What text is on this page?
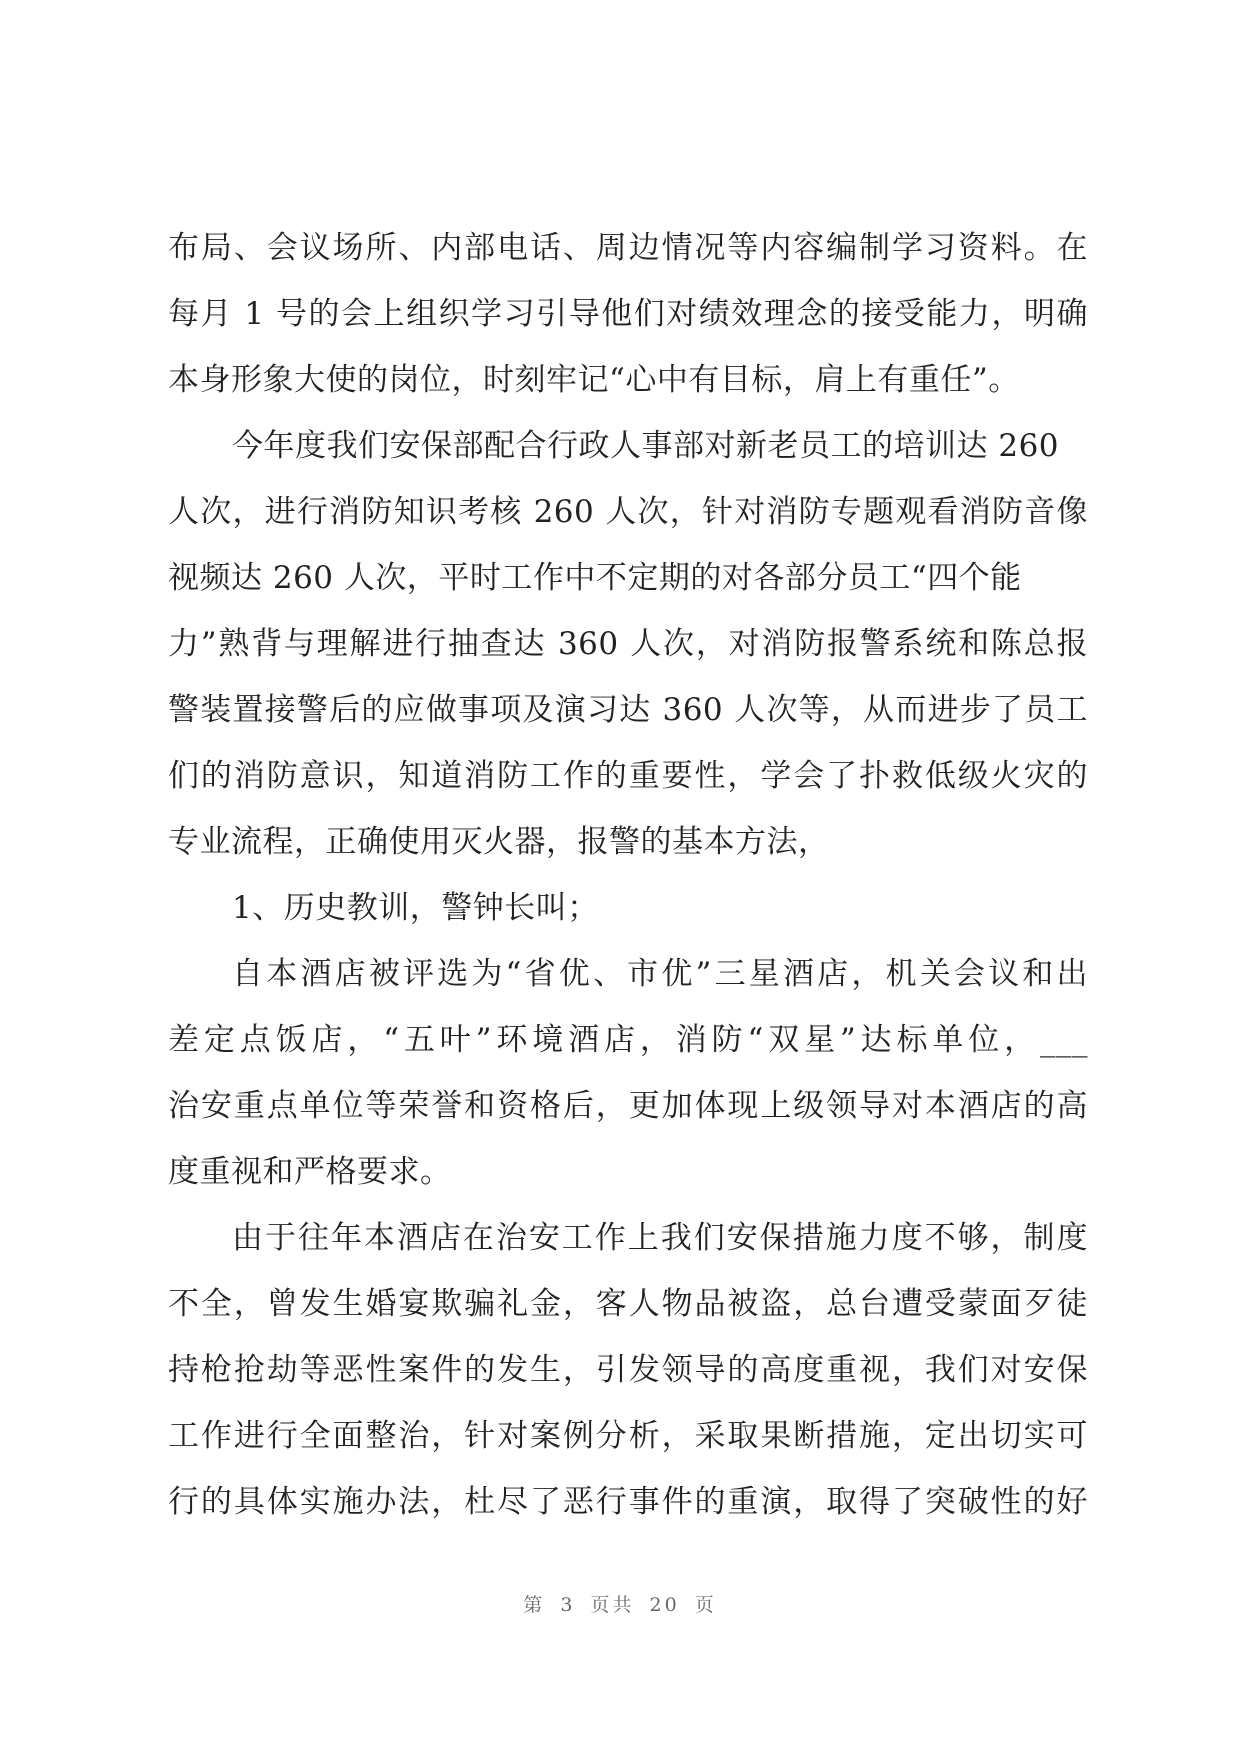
布局、会议场所、内部电话、周边情况等内容编制学习资料。在
每月 1 号的会上组织学习引导他们对绩效理念的接受能力，明确
本身形象大使的岗位，时刻牢记“心中有目标，肩上有重任”。
今年度我们安保部配合行政人事部对新老员工的培训达 260
人次，进行消防知识考核 260 人次，针对消防专题观看消防音像
视频达 260 人次，平时工作中不定期的对各部分员工“四个能
力”熟背与理解进行抽查达 360 人次，对消防报警系统和陈总报
警装置接警后的应做事项及演习达 360 人次等，从而进步了员工
们的消防意识，知道消防工作的重要性，学会了扑救低级火灾的
专业流程，正确使用灭火器，报警的基本方法，
1、历史教训，警钟长叫；
自本酒店被评选为“省优、市优”三星酒店，机关会议和出
差定点饭店，“五叶”环境酒店，消防“双星”达标单位，___
治安重点单位等荣誉和资格后，更加体现上级领导对本酒店的高
度重视和严格要求。
由于往年本酒店在治安工作上我们安保措施力度不够，制度
不全，曾发生婚宴欺骗礼金，客人物品被盗，总台遭受蒙面歹徒
持枪抢劫等恶性案件的发生，引发领导的高度重视，我们对安保
工作进行全面整治，针对案例分析，采取果断措施，定出切实可
行的具体实施办法，杜尽了恶行事件的重演，取得了突破性的好
第 3 页共 20 页
